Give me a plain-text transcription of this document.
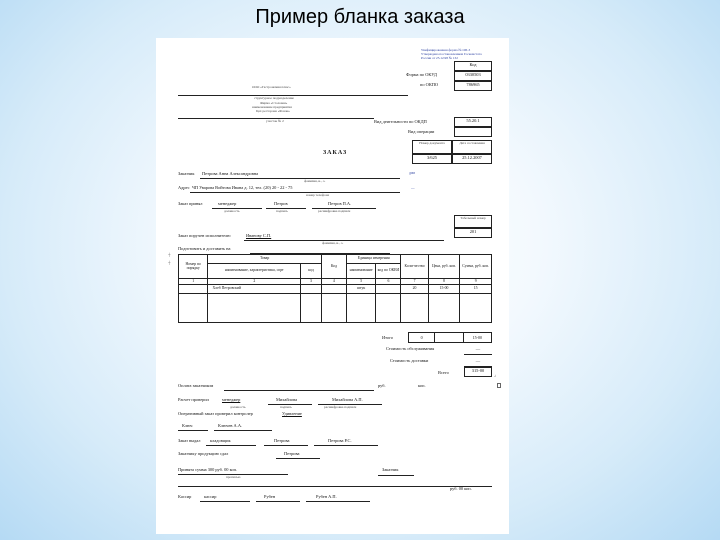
Пример бланка заказа
Унифицированная форма № ОП-3
Утверждена постановлением Госкомстата
России от 25.12.98 № 132
Код
0330503
Форма по ОКУД
786965
по ОКПО
55.20.1
Вид деятельности по ОКДП
Вид операции
ООО «Гастрономия плюс»
структурное подразделение
Фирма «Столовая»
наименование предприятия
Цех ресторана «Фазан»
участок № 2
ЗАКАЗ
Номер документа	Дата составления
3/625	25.12.2007
Заказчик Петрова Анна Александровна
фамилия, и., о.
дом
Адрес ЧП Уварова Войтова Ивана д. 12, тел. (20) 20 - 22 - 75
номер телефона
—
Заказ принял	менеджер	Петров	Петров П.А.
должность	подпись	расшифровка подписи
Табельный номер
201
Заказ поручен исполнителю	Иванову С.П.
фамилия, и., о.
Подготовить и доставить на
┼
┼	Номер по порядку	Товар		Код	Единица измерения		Коли-чество	Цена, руб. коп.	Сумма, руб. коп.
	наименование, характеристика, сорт	код		наименование	код по ОКЕИ			
1	2	3	4	5	6	7	8	9
	Хлеб Петровский			штук		20	15-00	15

Итого	0		15-00
Стоимость обслуживания	—
Стоимость доставки	—
Всего	315-00
┘
Оплата заказчиком	руб.	коп.
Расчет проверил	менеджер	Михайлова	Михайлова А.П.
должность	подпись	расшифровка подписи
Оперативный заказ проверил контролер	Удивление
Ключ	Ключев А.А.
Заказ выдал кладовщик	Петрова	Петрова Р.С.
Заказчику продукцию сдал	Петрова
Принята сумма 300 руб. 00 коп.
прописью
Заказчик
руб. 00 коп.
Кассир	кассир	Рубен	Рубен А.П.
